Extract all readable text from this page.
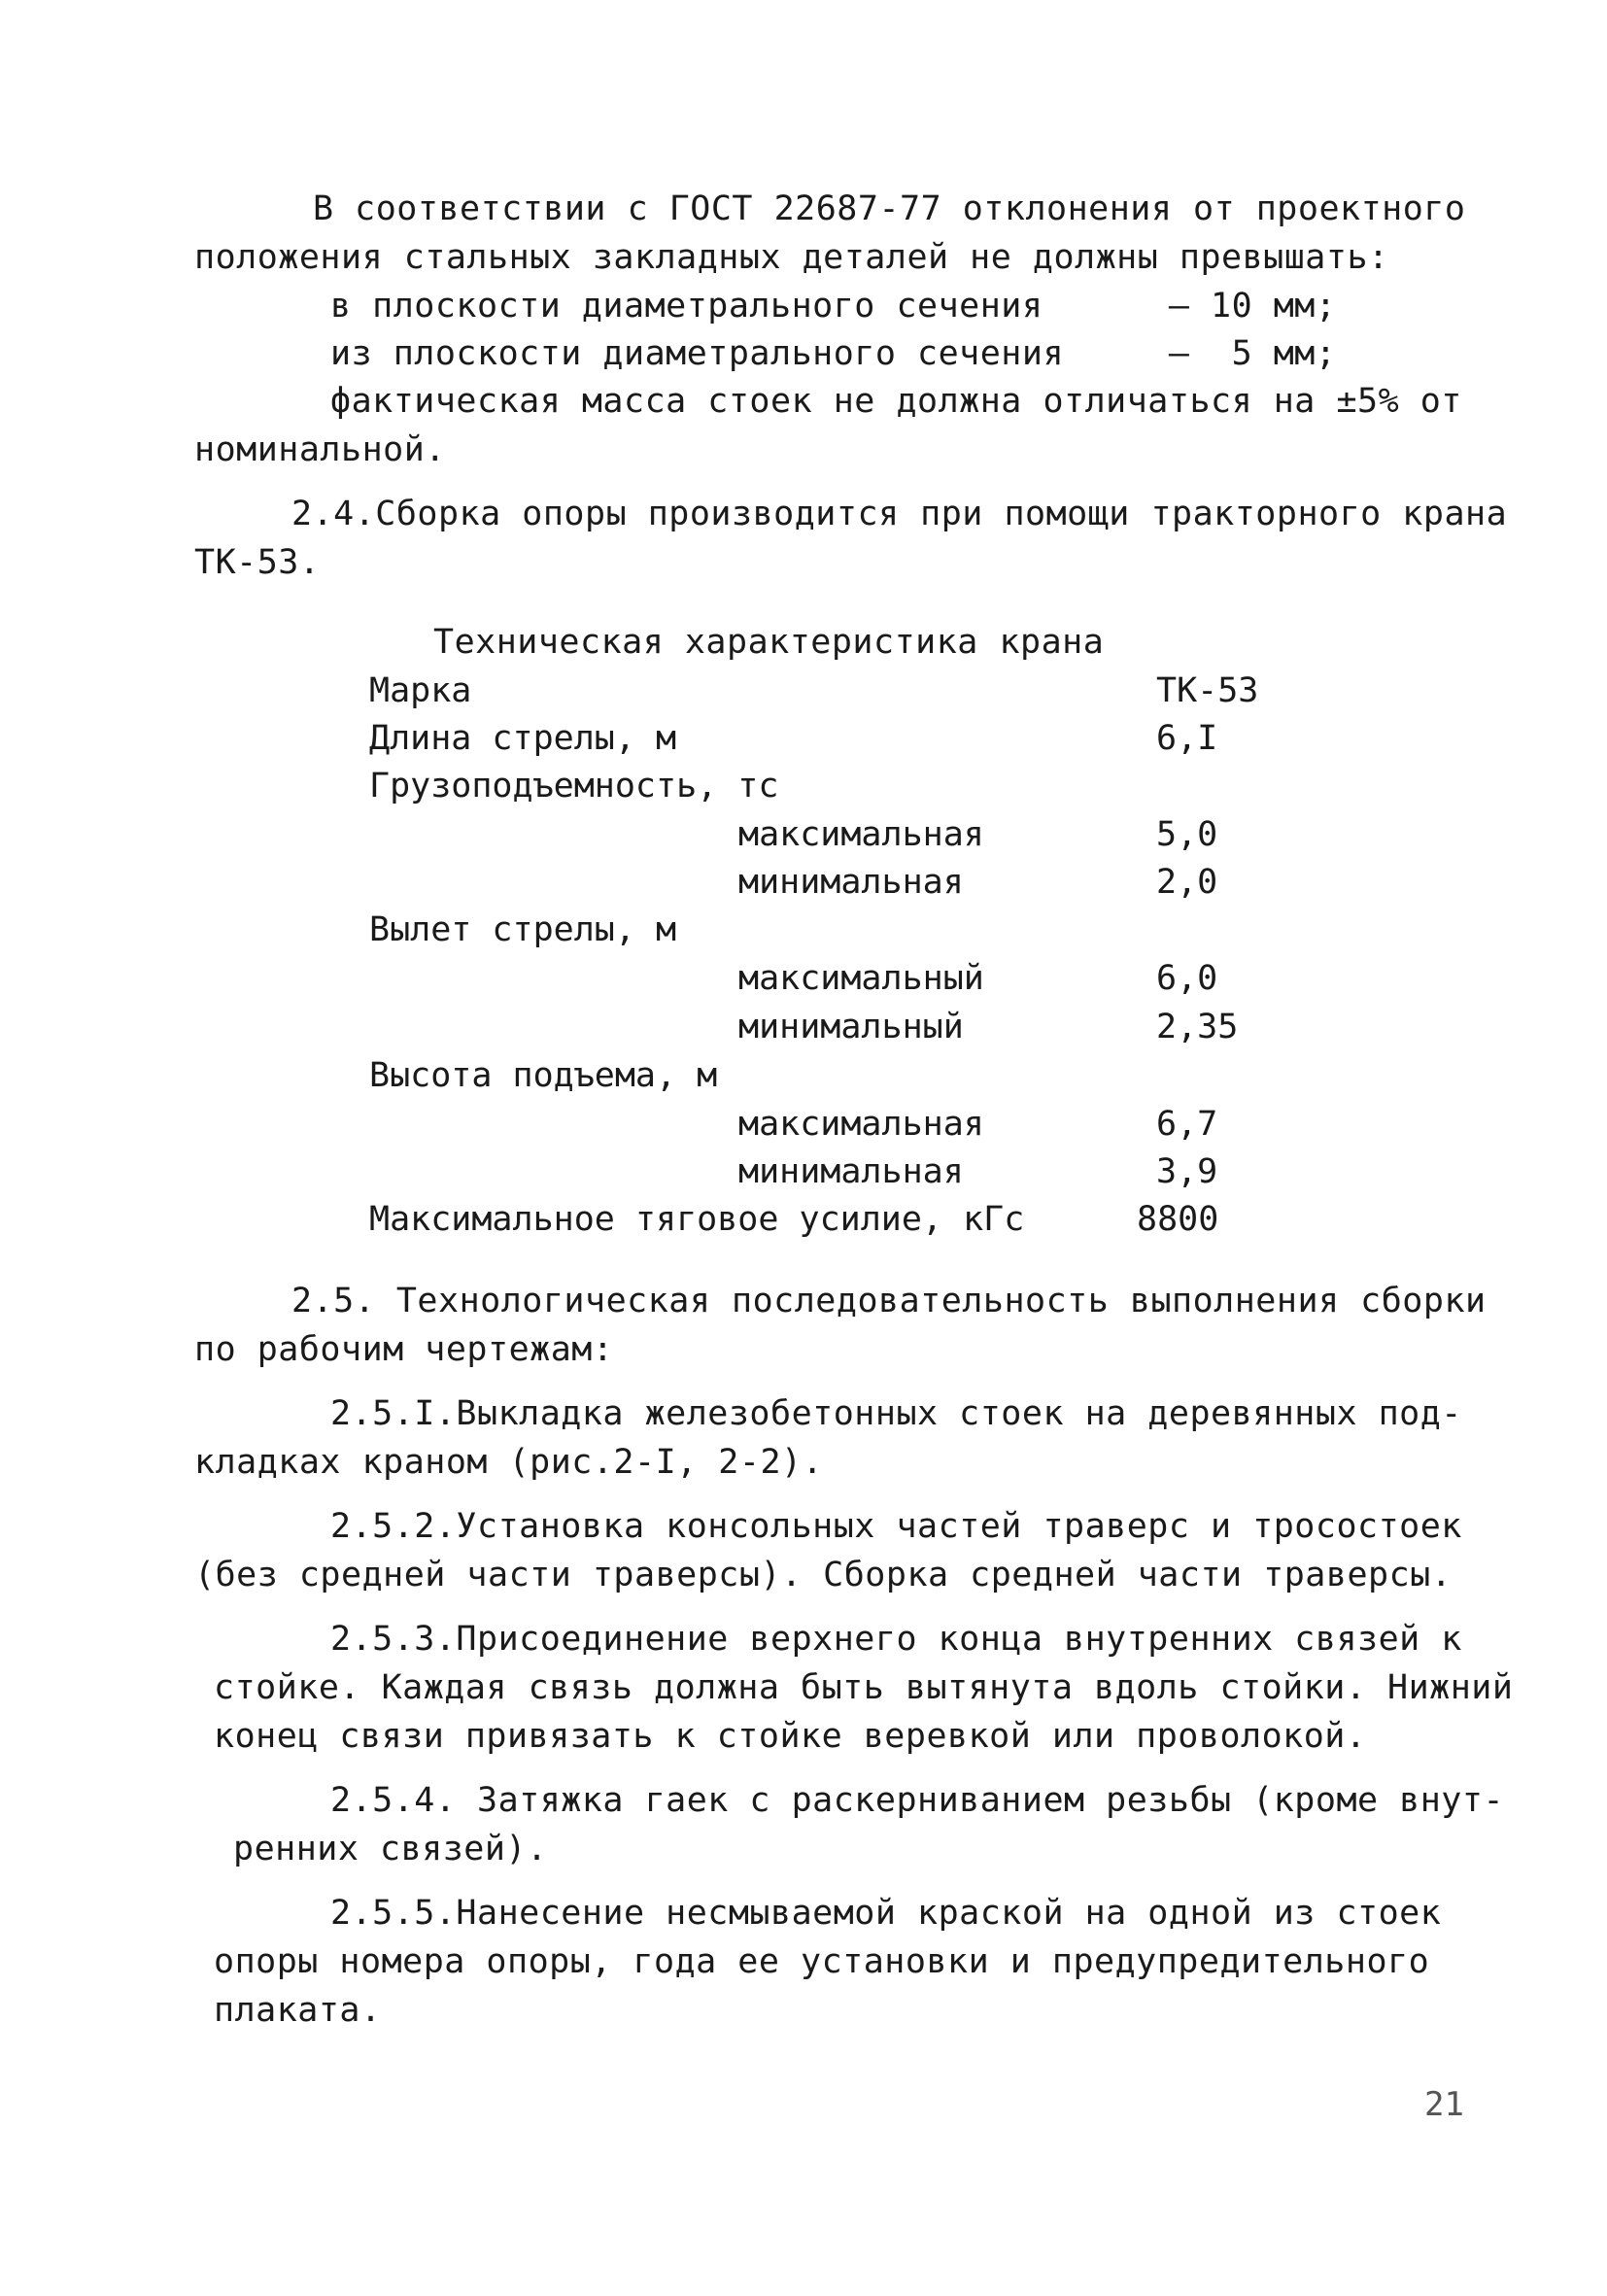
В соответствии с ГОСТ 22687-77 отклонения от проектного
положения стальных закладных деталей не должны превышать:
в плоскости диаметрального сечения      – 10 мм;
из плоскости диаметрального сечения     –  5 мм;
фактическая масса стоек не должна отличаться на ±5% от
номинальной.
2.4.Сборка опоры производится при помощи тракторного крана
ТК-53.
Техническая характеристика крана
Марка	ТК-53
Длина стрелы, м	6,I
Грузоподъемность, тс
максимальная	5,0
минимальная	2,0
Вылет стрелы, м
максимальный	6,0
минимальный	2,35
Высота подъема, м
максимальная	6,7
минимальная	3,9
Максимальное тяговое усилие, кГс	8800
2.5. Технологическая последовательность выполнения сборки
по рабочим чертежам:
2.5.I.Выкладка железобетонных стоек на деревянных под-
кладках краном (рис.2-I, 2-2).
2.5.2.Установка консольных частей траверс и тросостоек
(без средней части траверсы). Сборка средней части траверсы.
2.5.3.Присоединение верхнего конца внутренних связей к
стойке. Каждая связь должна быть вытянута вдоль стойки. Нижний
конец связи привязать к стойке веревкой или проволокой.
2.5.4. Затяжка гаек с раскерниванием резьбы (кроме внут-
ренних связей).
2.5.5.Нанесение несмываемой краской на одной из стоек
опоры номера опоры, года ее установки и предупредительного
плаката.
21
